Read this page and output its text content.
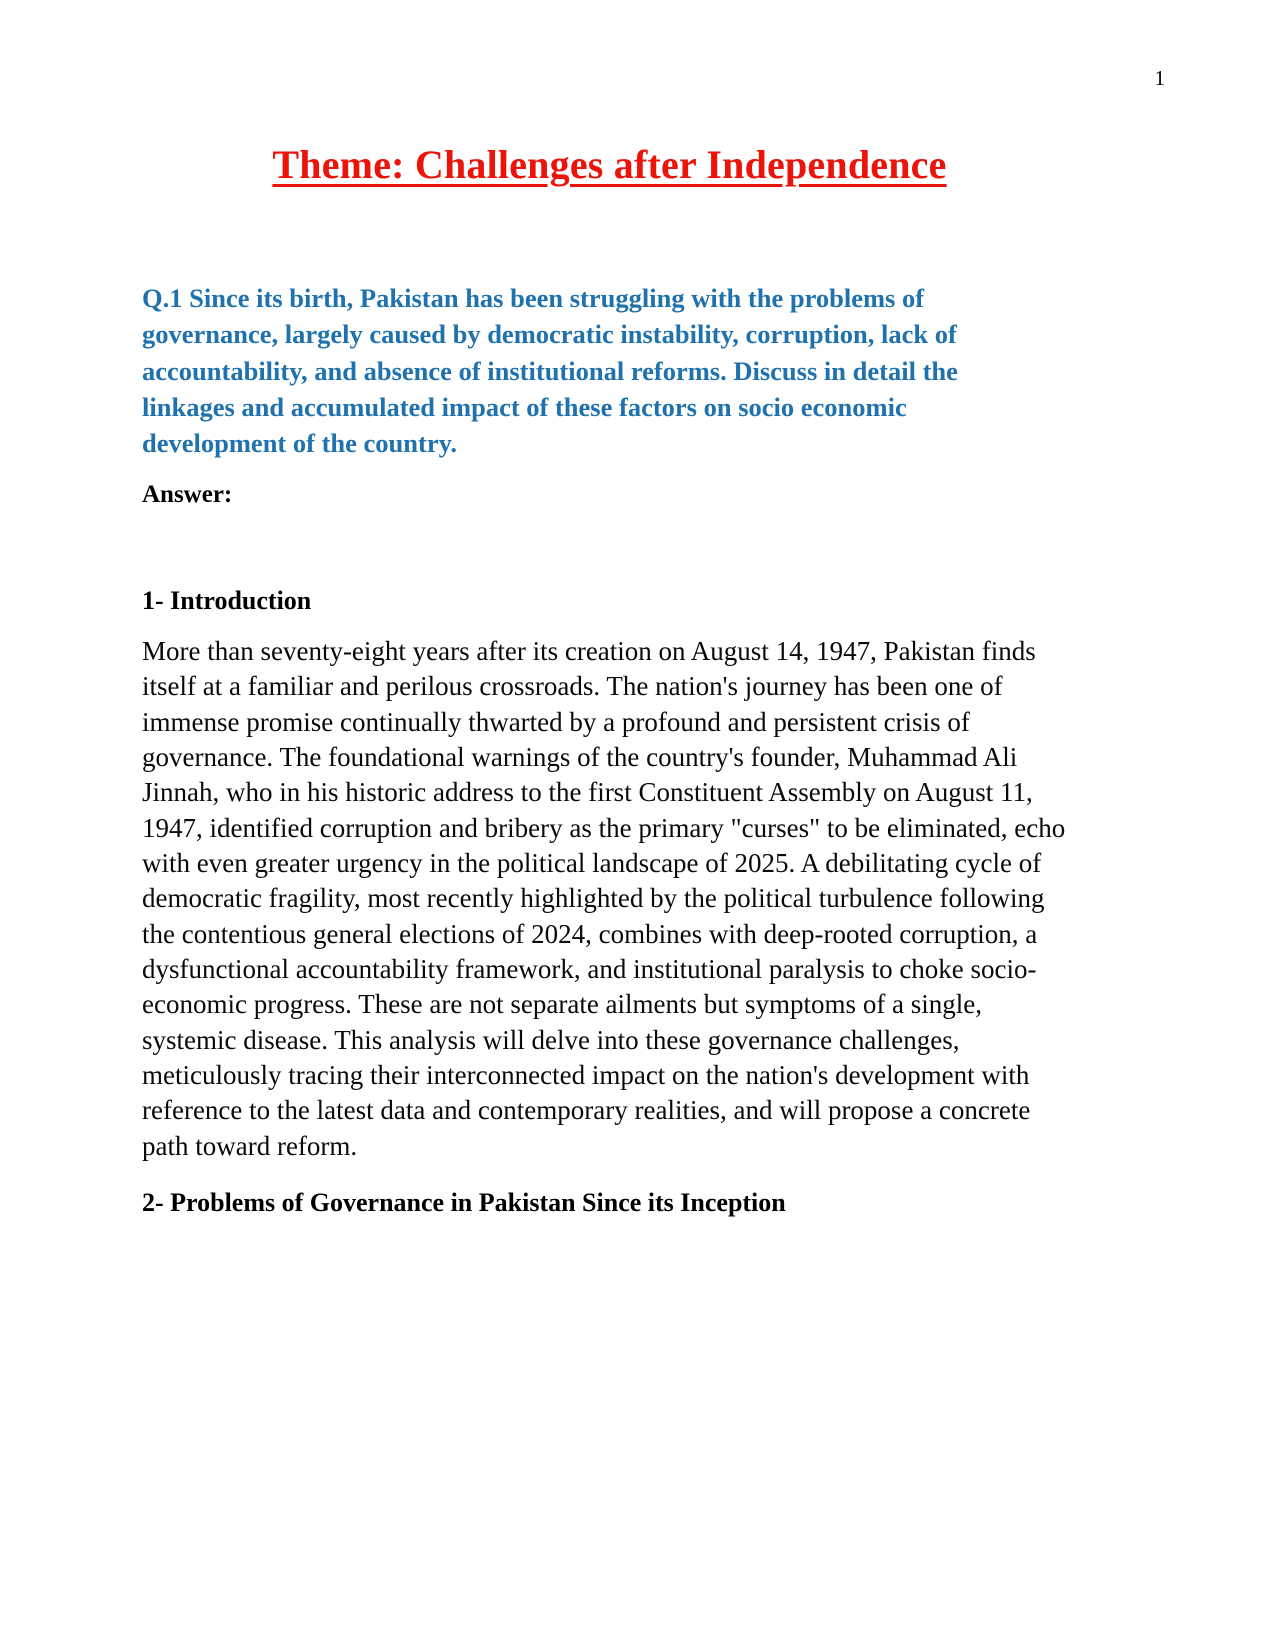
1
Theme: Challenges after Independence

Q.1 Since its birth, Pakistan has been struggling with the problems of governance, largely caused by democratic instability, corruption, lack of accountability, and absence of institutional reforms. Discuss in detail the linkages and accumulated impact of these factors on socio economic development of the country.

Answer:

1- Introduction

More than seventy-eight years after its creation on August 14, 1947, Pakistan finds itself at a familiar and perilous crossroads. The nation's journey has been one of immense promise continually thwarted by a profound and persistent crisis of governance. The foundational warnings of the country's founder, Muhammad Ali Jinnah, who in his historic address to the first Constituent Assembly on August 11, 1947, identified corruption and bribery as the primary "curses" to be eliminated, echo with even greater urgency in the political landscape of 2025. A debilitating cycle of democratic fragility, most recently highlighted by the political turbulence following the contentious general elections of 2024, combines with deep-rooted corruption, a dysfunctional accountability framework, and institutional paralysis to choke socio-economic progress. These are not separate ailments but symptoms of a single, systemic disease. This analysis will delve into these governance challenges, meticulously tracing their interconnected impact on the nation's development with reference to the latest data and contemporary realities, and will propose a concrete path toward reform.

2- Problems of Governance in Pakistan Since its Inception
